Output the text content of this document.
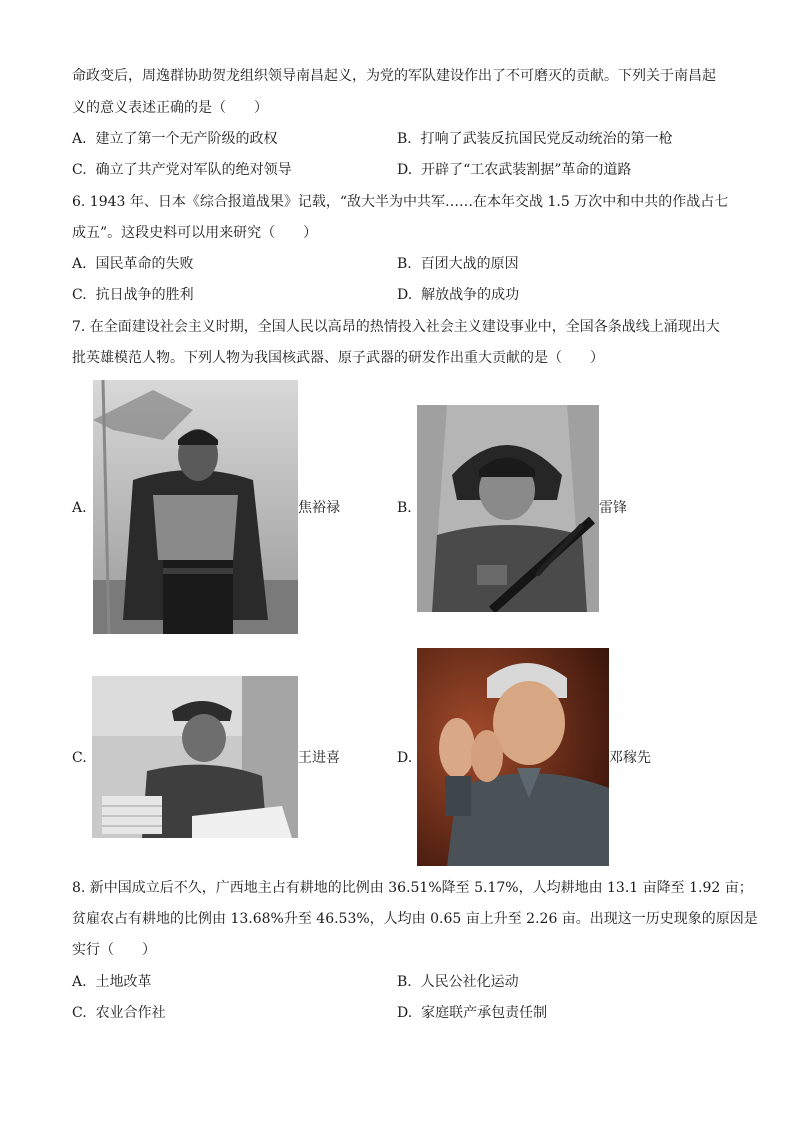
命政变后，周逸群协助贺龙组织领导南昌起义，为党的军队建设作出了不可磨灭的贡献。下列关于南昌起
义的意义表述正确的是（　　）
A. 建立了第一个无产阶级的政权	B. 打响了武装反抗国民党反动统治的第一枪
C. 确立了共产党对军队的绝对领导	D. 开辟了“工农武装割据”革命的道路
6. 1943 年、日本《综合报道战果》记载，“敌大半为中共军……在本年交战 1.5 万次中和中共的作战占七
成五”。这段史料可以用来研究（　　）
A. 国民革命的失败	B. 百团大战的原因
C. 抗日战争的胜利	D. 解放战争的成功
7. 在全面建设社会主义时期，全国人民以高昂的热情投入社会主义建设事业中，全国各条战线上涌现出大
批英雄模范人物。下列人物为我国核武器、原子武器的研发作出重大贡献的是（　　）
A.	焦裕禄	B.	雷锋
C.	王进喜	D.	邓稼先
8. 新中国成立后不久，广西地主占有耕地的比例由 36.51%降至 5.17%，人均耕地由 13.1 亩降至 1.92 亩；
贫雇农占有耕地的比例由 13.68%升至 46.53%，人均由 0.65 亩上升至 2.26 亩。出现这一历史现象的原因是
实行（　　）
A. 土地改革	B. 人民公社化运动
C. 农业合作社	D. 家庭联产承包责任制
